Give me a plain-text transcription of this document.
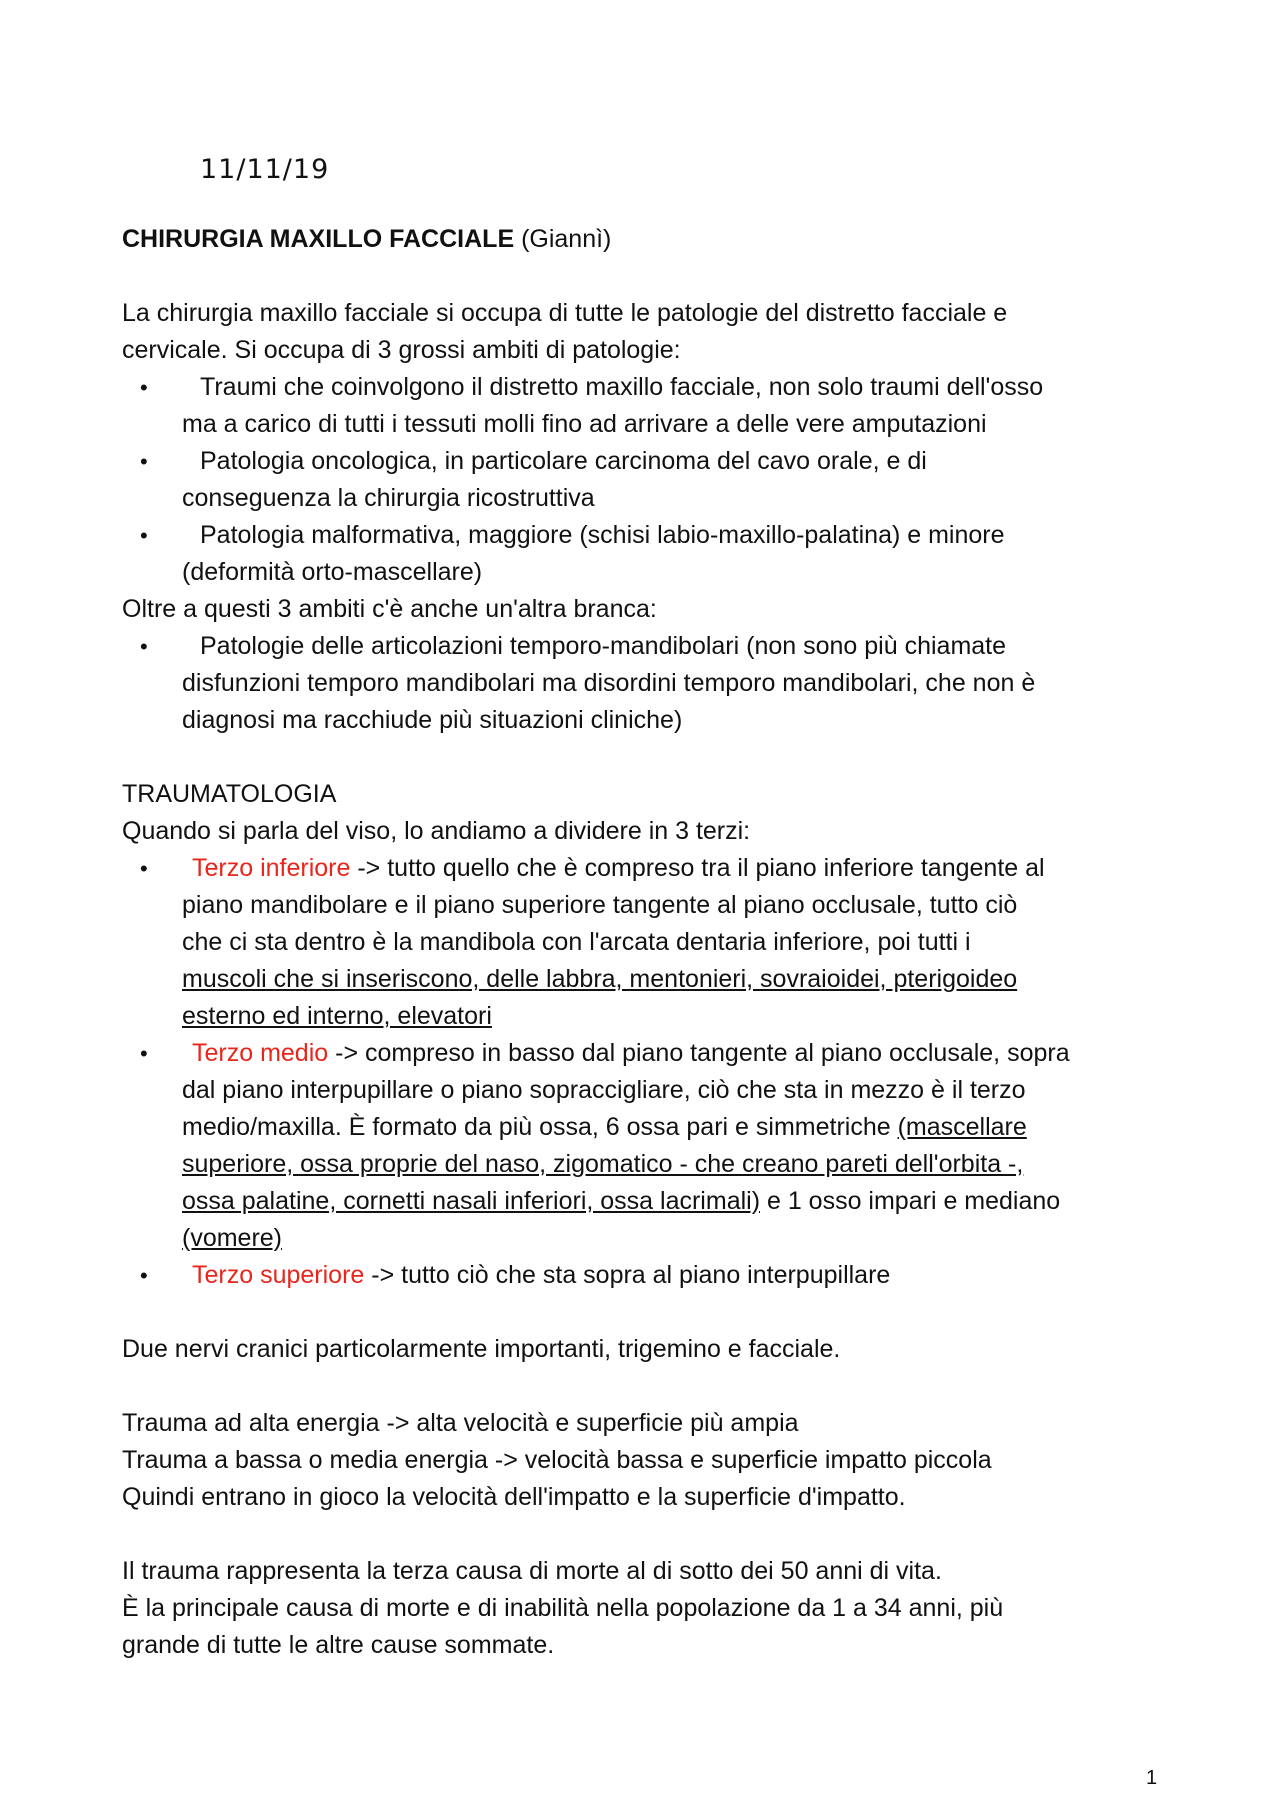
11/11/19
CHIRURGIA MAXILLO FACCIALE (Giannì)
La chirurgia maxillo facciale si occupa di tutte le patologie del distretto facciale e
cervicale. Si occupa di 3 grossi ambiti di patologie:
•	Traumi che coinvolgono il distretto maxillo facciale, non solo traumi dell'osso
ma a carico di tutti i tessuti molli fino ad arrivare a delle vere amputazioni
•	Patologia oncologica, in particolare carcinoma del cavo orale, e di
conseguenza la chirurgia ricostruttiva
•	Patologia malformativa, maggiore (schisi labio-maxillo-palatina) e minore
(deformità orto-mascellare)
Oltre a questi 3 ambiti c'è anche un'altra branca:
•	Patologie delle articolazioni temporo-mandibolari (non sono più chiamate
disfunzioni temporo mandibolari ma disordini temporo mandibolari, che non è
diagnosi ma racchiude più situazioni cliniche)
TRAUMATOLOGIA
Quando si parla del viso, lo andiamo a dividere in 3 terzi:
•	Terzo inferiore -> tutto quello che è compreso tra il piano inferiore tangente al
piano mandibolare e il piano superiore tangente al piano occlusale, tutto ciò
che ci sta dentro è la mandibola con l'arcata dentaria inferiore, poi tutti i
muscoli che si inseriscono, delle labbra, mentonieri, sovraioidei, pterigoideo
esterno ed interno, elevatori
•	Terzo medio -> compreso in basso dal piano tangente al piano occlusale, sopra
dal piano interpupillare o piano sopraccigliare, ciò che sta in mezzo è il terzo
medio/maxilla. È formato da più ossa, 6 ossa pari e simmetriche (mascellare
superiore, ossa proprie del naso, zigomatico - che creano pareti dell'orbita -,
ossa palatine, cornetti nasali inferiori, ossa lacrimali) e 1 osso impari e mediano
(vomere)
•	Terzo superiore -> tutto ciò che sta sopra al piano interpupillare
Due nervi cranici particolarmente importanti, trigemino e facciale.
Trauma ad alta energia -> alta velocità e superficie più ampia
Trauma a bassa o media energia -> velocità bassa e superficie impatto piccola
Quindi entrano in gioco la velocità dell'impatto e la superficie d'impatto.
Il trauma rappresenta la terza causa di morte al di sotto dei 50 anni di vita.
È la principale causa di morte e di inabilità nella popolazione da 1 a 34 anni, più
grande di tutte le altre cause sommate.
1
